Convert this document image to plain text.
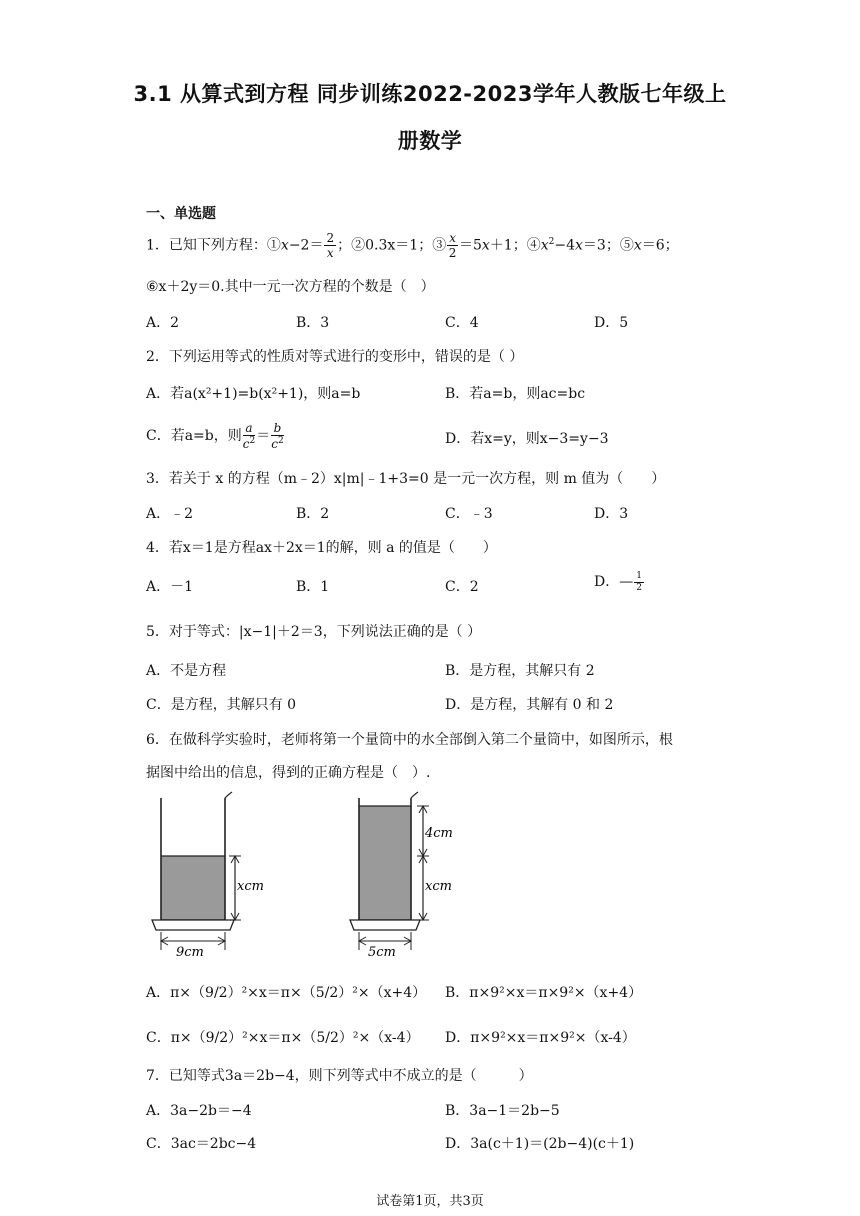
3.1 从算式到方程 同步训练2022-2023学年人教版七年级上
册数学
一、单选题
1．已知下列方程：①x−2＝ $\frac{2}{x}$ ；②0.3x＝1；③ $\frac{x}{2} =5x+1$；$④x^2-4x=3$；⑤x＝6；
⑥x＋2y＝0.其中一元一次方程的个数是（　）
A．2	B．3	C．4	D．5
2．下列运用等式的性质对等式进行的变形中，错误的是（ ）
A．若a(x²+1)=b(x²+1)，则a=b	B．若a=b，则ac=bc
C．若a=b，则 $\frac{a}{c^2} = \frac{b}{c^2}$	D．若x=y，则x−3=y−3
3．若关于 x 的方程（m﹣2）x|m|﹣1+3=0 是一元一次方程，则 m 值为（　　）
A．﹣2	B．2	C．﹣3	D．3
4．若x＝1是方程ax＋2x＝1的解，则 a 的值是（　　）
A．－1	B．1	C．2	D．— $\frac{1}{2}$
5．对于等式：|x−1|＋2＝3，下列说法正确的是（ ）
A．不是方程	B．是方程，其解只有 2
C．是方程，其解只有 0	D．是方程，其解有 0 和 2
6．在做科学实验时，老师将第一个量筒中的水全部倒入第二个量筒中，如图所示，根
据图中给出的信息，得到的正确方程是（　）.
xcm
9cm
4cm
xcm
5cm
A．π×（9/2）²×x＝π×（5/2）²×（x+4） B．π×9²×x＝π×9²×（x+4）
C．π×（9/2）²×x＝π×（5/2）²×（x-4） D．π×9²×x＝π×9²×（x-4）
7．已知等式3a＝2b−4，则下列等式中不成立的是（　　　）
A．3a−2b＝−4	B．3a−1＝2b−5
C．3ac＝2bc−4	D．3a(c＋1)＝(2b−4)(c＋1)
试卷第1页，共3页
